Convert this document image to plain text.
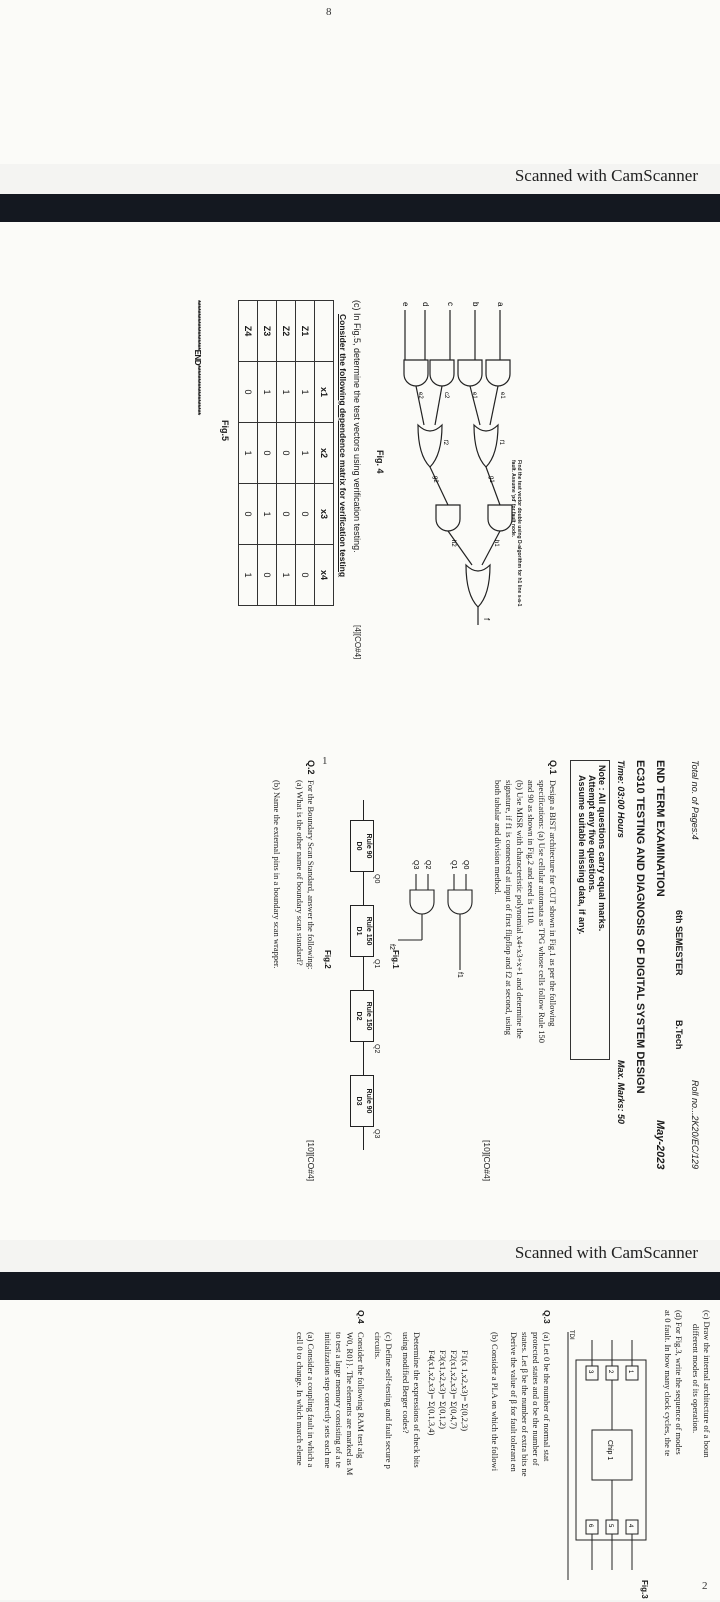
8
Scanned with CamScanner
a
b
c
d
e
e1
e1
c2
e2
g1
g2
h1
h2
f1
f2
f
Find the test vector double using D-algorithm for h1 line s-a-1 fault. Assume 'pd' for fault node.
Fig. 4
(c) In Fig.5, determine the test vectors using verification testing.
[4][CO#4]
Consider the following dependence matrix for verification testing
	x1	x2	x3	x4
Z1	1	1	0	0
Z2	1	0	0	1
Z3	1	0	1	0
Z4	0	1	0	1
Fig.5
*******************END*******************
Scanned with CamScanner
1	Total no. of Pages:4
Roll no...2K20/EC/129
6th SEMESTER
B.Tech
END TERM EXAMINATION
May-2023
EC310 TESTING AND DIAGNOSIS OF DIGITAL SYSTEM DESIGN
Time: 03:00 Hours
Max. Marks: 50
Note : All questions carry equal marks.
Attempt any five questions.
Assume suitable missing data, if any.
Q.1
Design a BIST architecture for CUT shown in Fig.1 as per the following
specifications: (a) Use cellular automata as TPG whose cells follow Rule 150
and 90 as shown in Fig.2 and seed is 1110.
(b) Use MISR with characteristic polynomial x4+x3+x+1 and determine the
signature, if f1 is connected at input of first flipflop and f2 at second, using
both tabular and division method.
[10][CO#4]
Q0
Q1
Q2
Q3
f1
f2
Fig.1
Rule 90
D0
Q0
Rule 150
D1
Q1
Rule 150
D2
Q2
Rule 90
D3
Q3
Fig.2
Q.2
For the Boundary Scan Standard, answer the following:
(a) What is the other name of boundary scan standard?
[10][CO#4]
(b) Name the external pins in a boundary scan wrapper.
2
(c) Draw the internal architecture of a boun
different modes of its operation.
(d) For Fig.3, write the sequence of modes
at 0 fault. In how many clock cycles, the te
Chip 1
TDI
1
2
3
4
5
6
Fig.3
Q.3
(a) Let 0 be the number of normal stat
protected states and α be the number of
states. Let β be the number of extra bits ne
Derive the value of β for fault tolerant en
(b) Consider a PLA on which the followi
F1(x 1,x2,x3)= Σ(0,2,3)
F2(x1,x2,x3)= Σ(0,4,7)
F3(x1,x2,x3)= Σ(0,1,2)
F4(x1,x2,x3)= Σ(0,1,3,4)
Determine the expressions of check bits
using modified Berger codes?
(c) Define self-testing and fault secure p
circuits.
Q.4
Consider the following RAM test alg
W0, R0}}. The elements are marked as M
to test a large memory consisting of a te
initialization step correctly sets each me
(a) Consider a coupling fault in which a
cell 0 to change. In which march eleme
